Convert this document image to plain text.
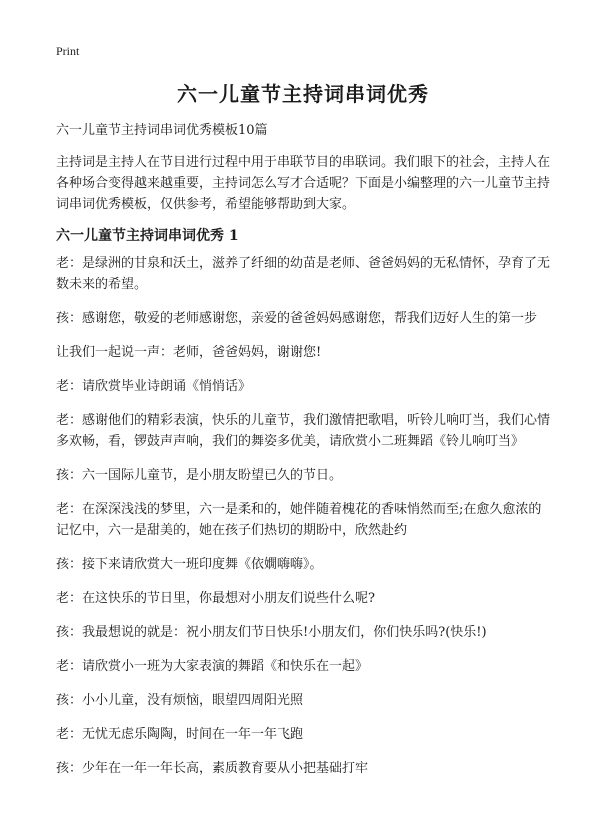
Print
六一儿童节主持词串词优秀

六一儿童节主持词串词优秀模板10篇

主持词是主持人在节目进行过程中用于串联节目的串联词。我们眼下的社会，主持人在各种场合变得越来越重要，主持词怎么写才合适呢？下面是小编整理的六一儿童节主持词串词优秀模板，仅供参考，希望能够帮助到大家。

六一儿童节主持词串词优秀 1

老：是绿洲的甘泉和沃土，滋养了纤细的幼苗是老师、爸爸妈妈的无私情怀，孕育了无数未来的希望。

孩：感谢您，敬爱的老师感谢您，亲爱的爸爸妈妈感谢您，帮我们迈好人生的第一步

让我们一起说一声：老师，爸爸妈妈，谢谢您!

老：请欣赏毕业诗朗诵《悄悄话》

老：感谢他们的精彩表演，快乐的儿童节，我们激情把歌唱，听铃儿响叮当，我们心情多欢畅，看，锣鼓声声响，我们的舞姿多优美，请欣赏小二班舞蹈《铃儿响叮当》

孩：六一国际儿童节，是小朋友盼望已久的节日。

老：在深深浅浅的梦里，六一是柔和的，她伴随着槐花的香味悄然而至;在愈久愈浓的记忆中，六一是甜美的，她在孩子们热切的期盼中，欣然赴约

孩：接下来请欣赏大一班印度舞《依嫺嗨嗨》。

老：在这快乐的节日里，你最想对小朋友们说些什么呢?

孩：我最想说的就是：祝小朋友们节日快乐!小朋友们，你们快乐吗?(快乐!)

老：请欣赏小一班为大家表演的舞蹈《和快乐在一起》

孩：小小儿童，没有烦恼，眼望四周阳光照

老：无忧无虑乐陶陶，时间在一年一年飞跑

孩：少年在一年一年长高，素质教育要从小把基础打牢
